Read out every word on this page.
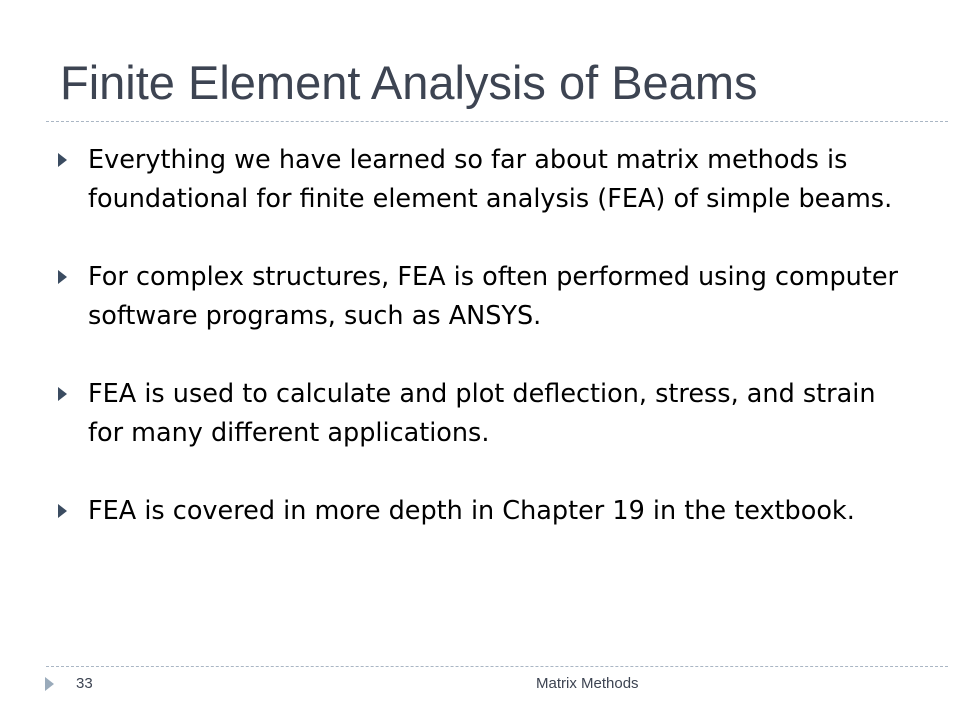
Finite Element Analysis of Beams
Everything we have learned so far about matrix methods is foundational for finite element analysis (FEA) of simple beams.
For complex structures, FEA is often performed using computer software programs, such as ANSYS.
FEA is used to calculate and plot deflection, stress, and strain for many different applications.
FEA is covered in more depth in Chapter 19 in the textbook.
33	Matrix Methods
